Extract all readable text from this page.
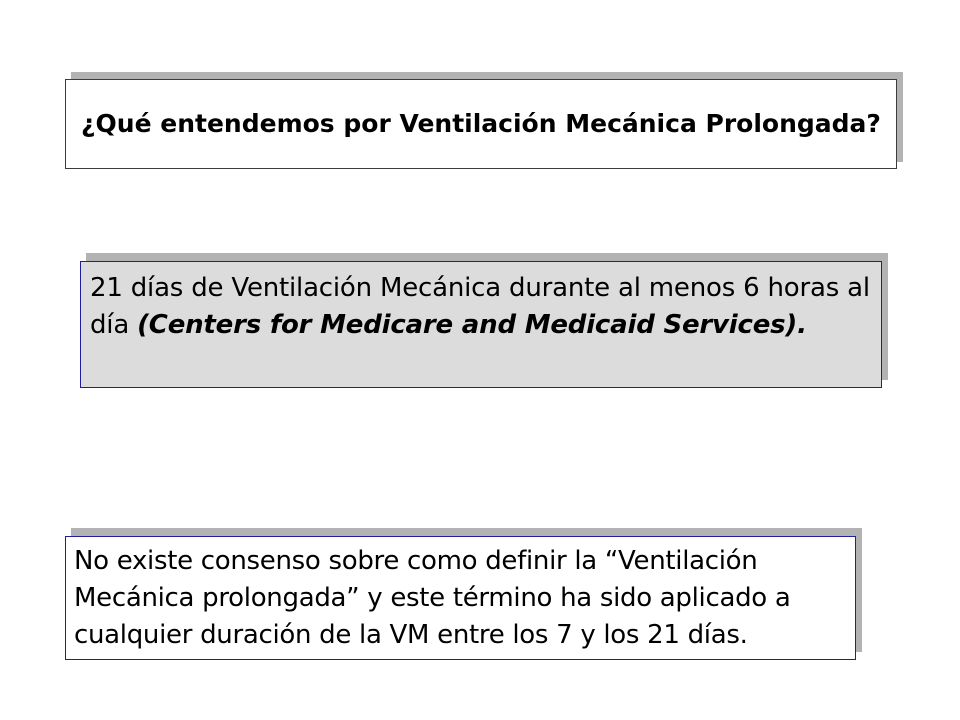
¿Qué entendemos por Ventilación Mecánica Prolongada?

21 días de Ventilación Mecánica durante al menos 6 horas al día (Centers for Medicare and Medicaid Services).

No existe consenso sobre como definir la “Ventilación Mecánica prolongada” y este término ha sido aplicado a cualquier duración de la VM entre los 7 y los 21 días.
